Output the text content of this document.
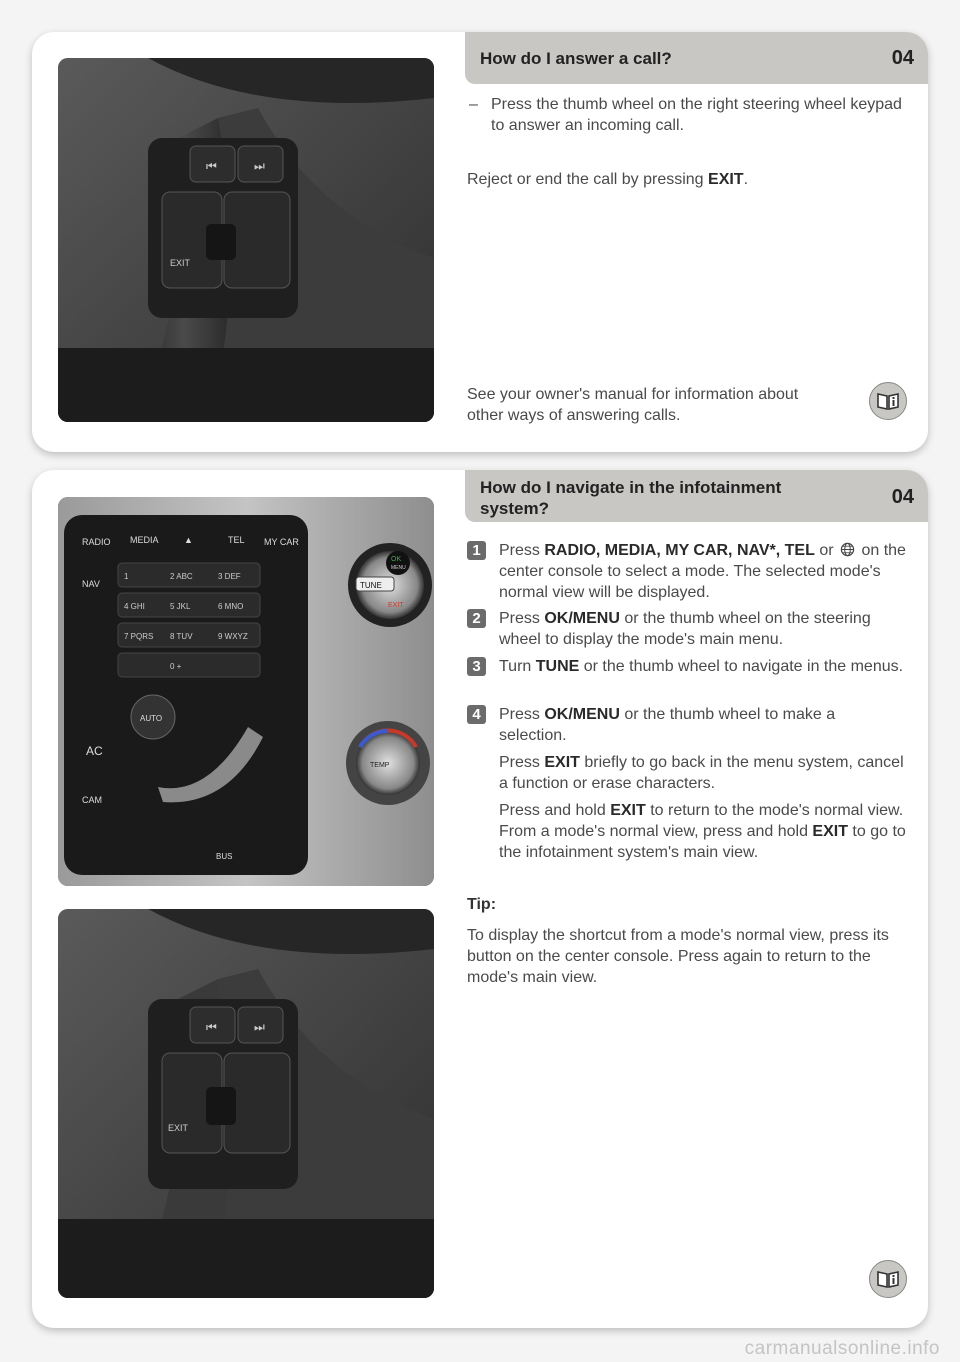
⏮	⏭
EXIT
How do I answer a call?	04
– Press the thumb wheel on the right steering wheel keypad to answer an incoming call.
Reject or end the call by pressing EXIT.
See your owner's manual for information about other ways of answering calls.
RADIO MEDIA	▲	TEL MY CAR
NAV
1	2 ABC	3 DEF
4 GHI	5 JKL	6 MNO
7 PQRS 8 TUV	9 WXYZ
0 +
AUTO
AC
CAM
BUS
OK
MENU
TUNE
EXIT
TEMP
⏮	⏭
EXIT
How do I navigate in the infotainment system?
04
1	Press RADIO, MEDIA, MY CAR, NAV*, TEL or  on the center console to select a mode. The selected mode's normal view will be displayed.
2	Press OK/MENU or the thumb wheel on the steering wheel to display the mode's main menu.
3	Turn TUNE or the thumb wheel to navigate in the menus.
4	Press OK/MENU or the thumb wheel to make a selection.

Press EXIT briefly to go back in the menu system, cancel a function or erase characters.

Press and hold EXIT to return to the mode's normal view. From a mode's normal view, press and hold EXIT to go to the infotainment system's main view.

Tip:
To display the shortcut from a mode's normal view, press its button on the center console. Press again to return to the mode's main view.
carmanualsonline.info
